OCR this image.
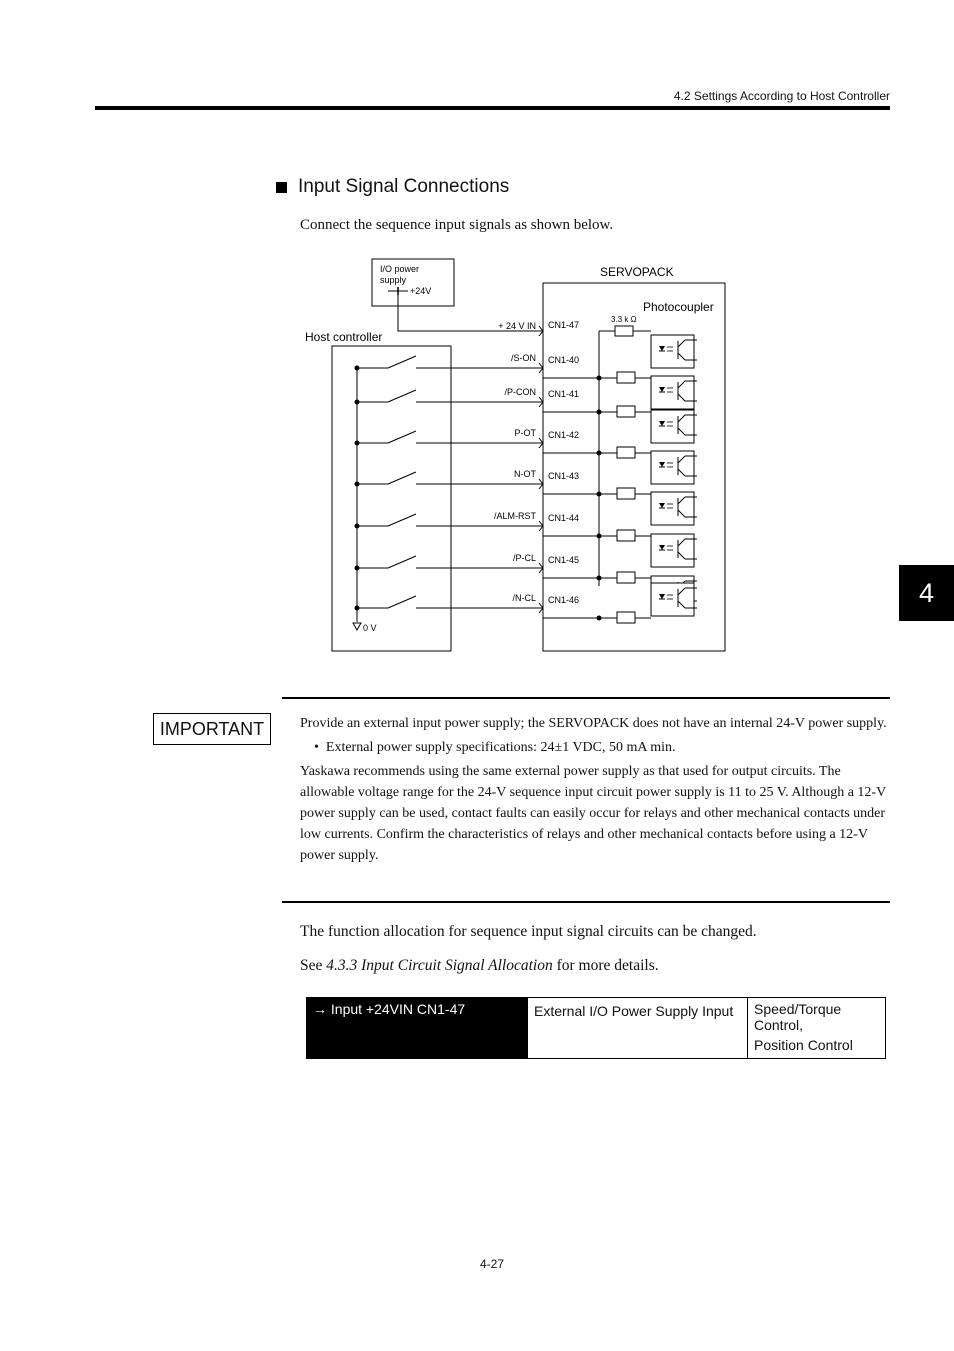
4.2 Settings According to Host Controller
4
Input Signal Connections
Connect the sequence input signals as shown below.
I/O power
supply
+24V
SERVOPACK
Photocoupler
3.3 k Ω
Host controller
0 V
+ 24 V IN CN1-47
/S-ON CN1-40
/P-CON CN1-41
P-OT CN1-42
N-OT CN1-43
/ALM-RST CN1-44
/P-CL CN1-45
/N-CL CN1-46
IMPORTANT	Provide an external input power supply; the SERVOPACK does not have an internal 24-V power supply.

•  External power supply specifications: 24±1 VDC, 50 mA min.

Yaskawa recommends using the same external power supply as that used for output circuits. The allowable voltage range for the 24-V sequence input circuit power supply is 11 to 25 V. Although a 12-V power supply can be used, contact faults can easily occur for relays and other mechanical contacts under low currents. Confirm the characteristics of relays and other mechanical contacts before using a 12-V power supply.

The function allocation for sequence input signal circuits can be changed.
See 4.3.3 Input Circuit Signal Allocation for more details.
→ Input +24VIN CN1-47	External I/O Power Supply Input	Speed/Torque Control,
Position Control
4-27
